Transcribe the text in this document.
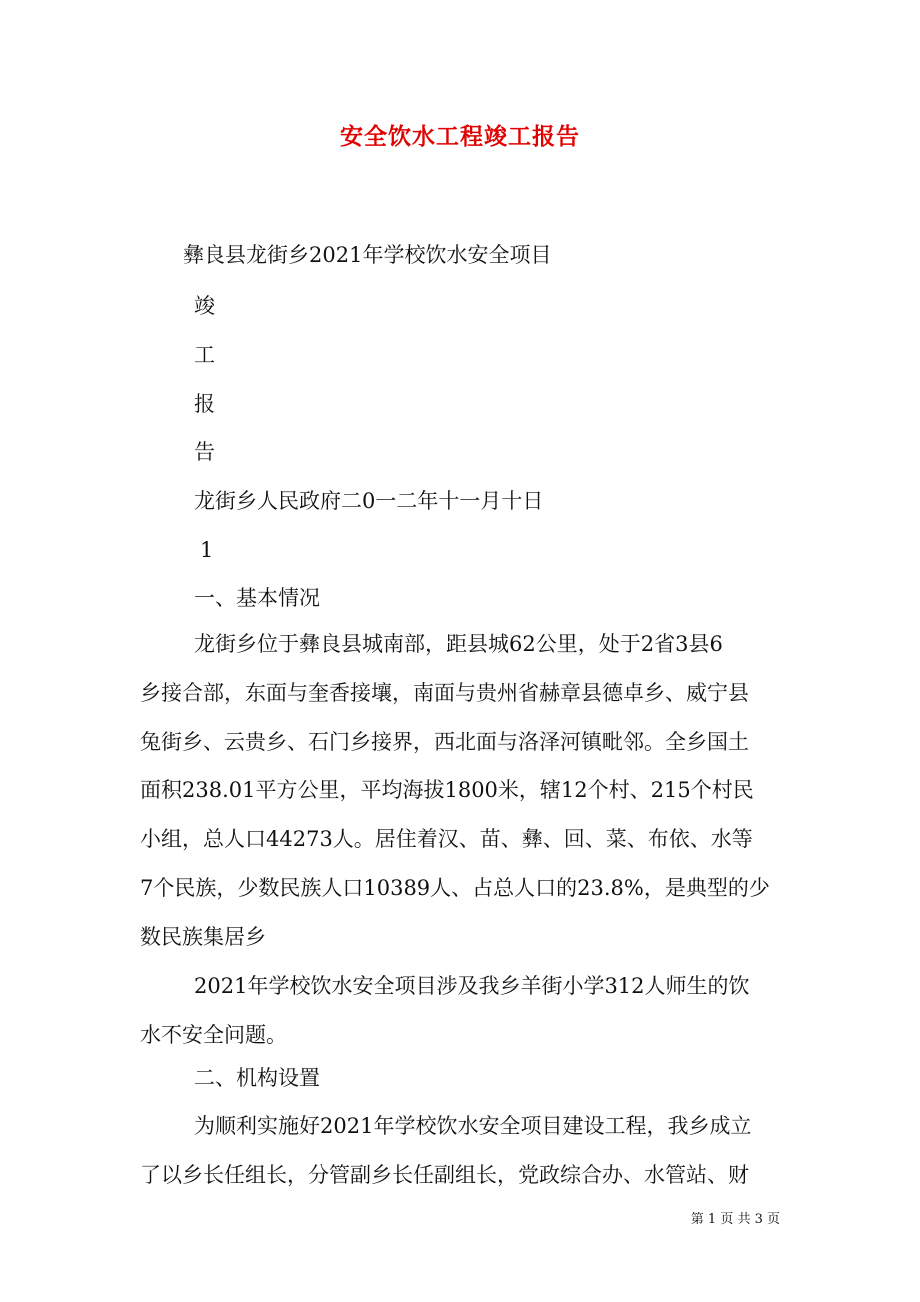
安全饮水工程竣工报告
彝良县龙街乡2021年学校饮水安全项目
竣
工
报
告
龙街乡人民政府二0一二年十一月十日
1
一、基本情况
龙街乡位于彝良县城南部，距县城62公里，处于2省3县6
乡接合部，东面与奎香接壤，南面与贵州省赫章县德卓乡、威宁县
兔街乡、云贵乡、石门乡接界，西北面与洛泽河镇毗邻。全乡国土
面积238.01平方公里，平均海拔1800米，辖12个村、215个村民
小组，总人口44273人。居住着汉、苗、彝、回、菜、布依、水等
7个民族，少数民族人口10389人、占总人口的23.8%，是典型的少
数民族集居乡
2021年学校饮水安全项目涉及我乡羊街小学312人师生的饮
水不安全问题。
二、机构设置
为顺利实施好2021年学校饮水安全项目建设工程，我乡成立
了以乡长任组长，分管副乡长任副组长，党政综合办、水管站、财
第 1 页 共 3 页
